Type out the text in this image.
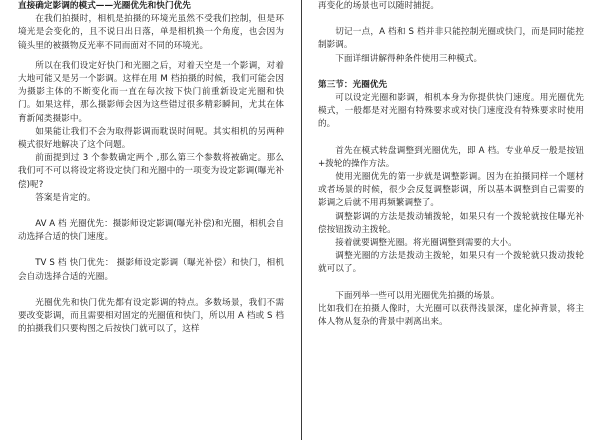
直接确定影调的模式——光圈优先和快门优先

在我们拍摄时，相机是拍摄的环境光虽然不受我们控制，但是环境光是会变化的，且不说日出日落，单是相机换一个角度，也会因为镜头里的被摄物反光率不同而面对不同的环境光。

所以在我们设定好快门和光圈之后，对着天空是一个影调，对着大地可能又是另一个影调。这样在用 M 档拍摄的时候，我们可能会因为摄影主体的不断变化而一直在每次按下快门前重新设定光圈和快门。如果这样，那么摄影师会因为这些错过很多精彩瞬间，尤其在体育新闻类摄影中。

如果能让我们不会为取得影调而耽误时间呢。其实相机的另两种模式很好地解决了这个问题。

前面提到过 3 个参数确定两个 ,那么第三个参数将被确定。那么我们可不可以将设定将设定快门和光圈中的一项变为设定影调(曝光补偿)呢?

答案是肯定的。

AV A 档 光圈优先：摄影师设定影调(曝光补偿)和光圈，相机会自动选择合适的快门速度。

TV S 档 快门优先： 摄影师设定影调（曝光补偿）和快门，相机会自动选择合适的光圈。

光圈优先和快门优先都有设定影调的特点。多数场景，我们不需要改变影调，而且需要相对固定的光圈值和快门，所以用 A 档或 S 档的拍摄我们只要构图之后按快门就可以了，这样

再变化的场景也可以随时捕捉。

切记一点，A 档和 S 档并非只能控制光圈或快门，而是同时能控制影调。

下面详细讲解得种条件使用三种模式。

第三节：光圈优先

可以设定光圈和影调，相机本身为你提供快门速度。用光圈优先模式，一般都是对光圈有特殊要求或对快门速度没有特殊要求时使用的。

首先在模式转盘调整到光圈优先，即 A 档。专业单反一般是按钮+拨轮的操作方法。

使用光圈优先的第一步就是调整影调。因为在拍摄同样一个题材或者场景的时候，很少会反复调整影调，所以基本调整到自己需要的影调之后就不用再频繁调整了。

调整影调的方法是拨动辅拨轮，如果只有一个拨轮就按住曝光补偿按钮拨动主拨轮。

接着就要调整光圈。将光圈调整到需要的大小。

调整光圈的方法是拨动主拨轮，如果只有一个拨轮就只拨动拨轮就可以了。

下面列举一些可以用光圈优先拍摄的场景。

比如我们在拍摄人像时，大光圈可以获得浅景深，虚化掉背景，将主体人物从复杂的背景中剥离出来。
